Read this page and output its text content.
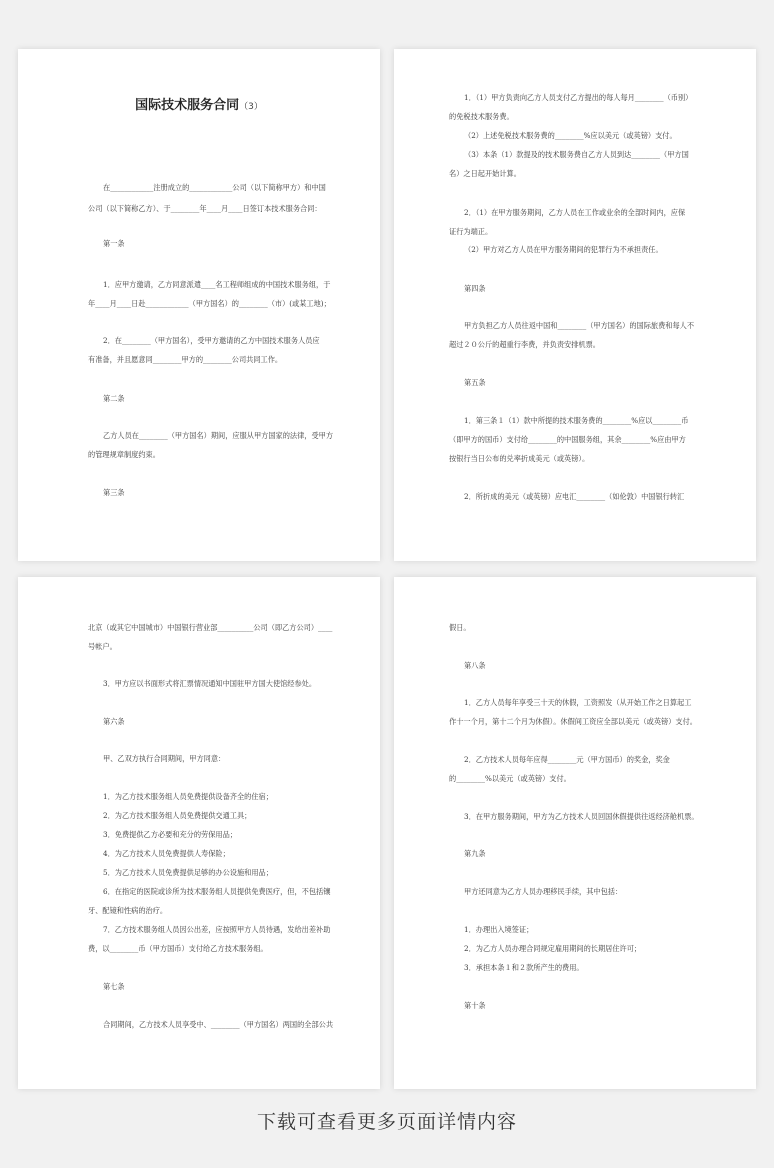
国际技术服务合同（3）
在____________注册成立的____________公司（以下简称甲方）和中国
公司（以下简称乙方）、于________年____月____日签订本技术服务合同：
第一条
1．应甲方邀请，乙方同意派遣____名工程师组成的中国技术服务组，于
年____月____日赴____________（甲方国名）的________（市）(或某工地)；
2．在________（甲方国名），受甲方邀请的乙方中国技术服务人员应
有准备，并且愿意同________甲方的________公司共同工作。
第二条
乙方人员在________（甲方国名）期间，应服从甲方国家的法律，受甲方
的管理规章制度约束。
第三条
1．（1）甲方负责向乙方人员支付乙方提出的每人每月________（币别）
的免税技术服务费。
（2）上述免税技术服务费的________%应以美元（或英镑）支付。
（3）本条（1）款提及的技术服务费自乙方人员到达________（甲方国
名）之日起开始计算。
2．（1）在甲方服务期间，乙方人员在工作或业余的全部时间内，应保
证行为端正。
（2）甲方对乙方人员在甲方服务期间的犯罪行为不承担责任。
第四条
甲方负担乙方人员往返中国和________（甲方国名）的国际旅费和每人不
超过２０公斤的超重行李费，并负责安排机票。
第五条
1．第三条１（1）款中所提的技术服务费的________%应以________币
（即甲方的国币）支付给________的中国服务组，其余________%应由甲方
按银行当日公布的兑率折成美元（或英镑）。
2．所折成的美元（或英镑）应电汇________（如伦敦）中国银行转汇
北京（或其它中国城市）中国银行营业部__________公司（即乙方公司）____
号帐户。
3．甲方应以书面形式将汇票情况通知中国驻甲方国大使馆经参处。
第六条
甲、乙双方执行合同期间，甲方同意：
1．为乙方技术服务组人员免费提供设备齐全的住宿；
2．为乙方技术服务组人员免费提供交通工具；
3．免费提供乙方必要和充分的劳保用品；
4．为乙方技术人员免费提供人寿保险；
5．为乙方技术人员免费提供足够的办公设施和用品；
6．在指定的医院或诊所为技术服务组人员提供免费医疗，但，不包括镶
牙、配镜和性病的治疗。
7．乙方技术服务组人员因公出差，应按照甲方人员待遇，发给出差补助
费，以________币（甲方国币）支付给乙方技术服务组。
第七条
合同期间，乙方技术人员享受中、________（甲方国名）两国的全部公共
假日。
第八条
1．乙方人员每年享受三十天的休假，工资照发（从开始工作之日算起工
作十一个月，第十二个月为休假）。休假间工资应全部以美元（或英镑）支付。
2．乙方技术人员每年应得________元（甲方国币）的奖金，奖金
的________%以美元（或英镑）支付。
3．在甲方服务期间，甲方为乙方技术人员回国休假提供往返经济舱机票。
第九条
甲方还同意为乙方人员办理移民手续，其中包括：
1．办理出入境签证；
2．为乙方人员办理合同规定雇用期间的长期居住许可；
3．承担本条１和２款所产生的费用。
第十条
下载可查看更多页面详情内容
